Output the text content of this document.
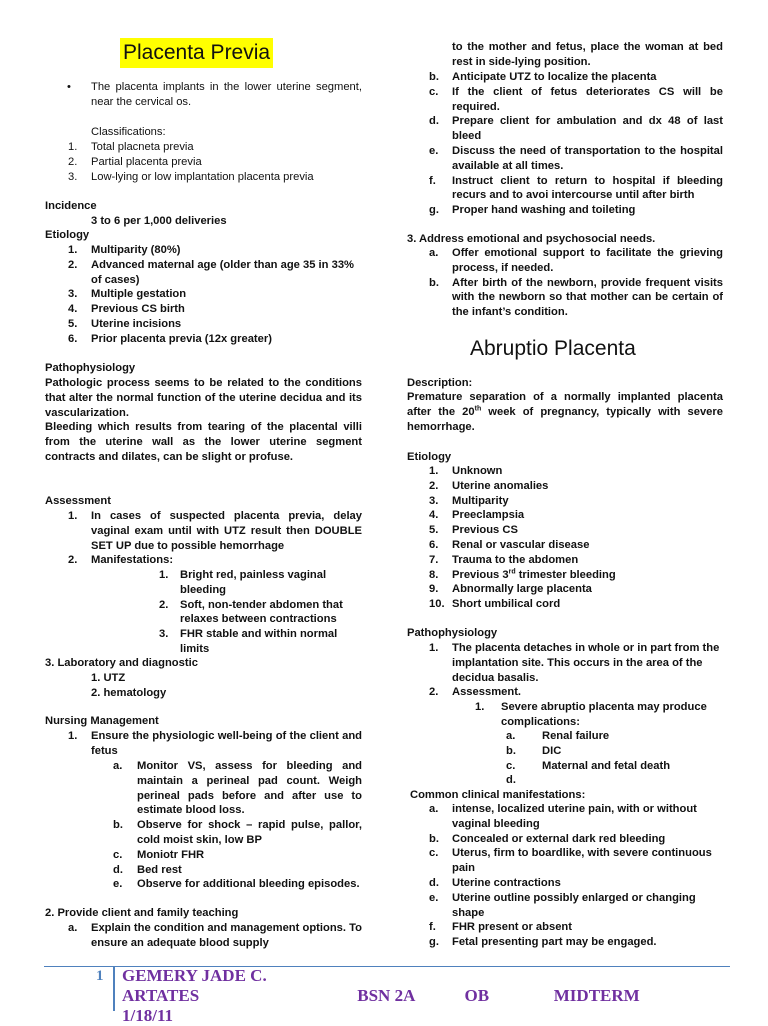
Placenta Previa
• The placenta implants in the lower uterine segment, near the cervical os.
Classifications:
1. Total placneta previa
2. Partial placenta previa
3. Low-lying or low implantation placenta previa
Incidence
3 to 6 per 1,000 deliveries
Etiology
1. Multiparity (80%)
2. Advanced maternal age (older than age 35 in 33% of cases)
3. Multiple gestation
4. Previous CS birth
5. Uterine incisions
6. Prior placenta previa (12x greater)
Pathophysiology
Pathologic process seems to be related to the conditions that alter the normal function of the uterine decidua and its vascularization.
Bleeding which results from tearing of the placental villi from the uterine wall as the lower uterine segment contracts and dilates, can be slight or profuse.
Assessment
1. In cases of suspected placenta previa, delay vaginal exam until with UTZ result then DOUBLE SET UP due to possible hemorrhage
2. Manifestations:
1. Bright red, painless vaginal bleeding
2. Soft, non-tender abdomen that relaxes between contractions
3. FHR stable and within normal limits
3. Laboratory and diagnostic
1. UTZ
2. hematology
Nursing Management
1. Ensure the physiologic well-being of the client and fetus
a. Monitor VS, assess for bleeding and maintain a perineal pad count. Weigh perineal pads before and after use to estimate blood loss.
b. Observe for shock – rapid pulse, pallor, cold moist skin, low BP
c. Moniotr FHR
d. Bed rest
e. Observe for additional bleeding episodes.
2. Provide client and family teaching
a. Explain the condition and management options. To ensure an adequate blood supply
to the mother and fetus, place the woman at bed rest in side-lying position.
b. Anticipate UTZ to localize the placenta
c. If the client of fetus deteriorates CS will be required.
d. Prepare client for ambulation and dx 48 of last bleed
e. Discuss the need of transportation to the hospital available at all times.
f. Instruct client to return to hospital if bleeding recurs and to avoi intercourse until after birth
g. Proper hand washing and toileting
3. Address emotional and psychosocial needs.
a. Offer emotional support to facilitate the grieving process, if needed.
b. After birth of the newborn, provide frequent visits with the newborn so that mother can be certain of the infant’s condition.
Abruptio Placenta
Description:
Premature separation of a normally implanted placenta after the 20th week of pregnancy, typically with severe hemorrhage.
Etiology
1. Unknown
2. Uterine anomalies
3. Multiparity
4. Preeclampsia
5. Previous CS
6. Renal or vascular disease
7. Trauma to the abdomen
8. Previous 3rd trimester bleeding
9. Abnormally large placenta
10. Short umbilical cord
Pathophysiology
1. The placenta detaches in whole or in part from the implantation site. This occurs in the area of the decidua basalis.
2. Assessment.
1. Severe abruptio placenta may produce complications:
a. Renal failure
b. DIC
c. Maternal and fetal death
d.
Common clinical manifestations:
a. intense, localized uterine pain, with or without vaginal bleeding
b. Concealed or external dark red bleeding
c. Uterus, firm to boardlike, with severe continuous pain
d. Uterine contractions
e. Uterine outline possibly enlarged or changing shape
f. FHR present or absent
g. Fetal presenting part may be engaged.
1 GEMERY JADE C. ARTATES	BSN 2A	OB	MIDTERM
1/18/11
